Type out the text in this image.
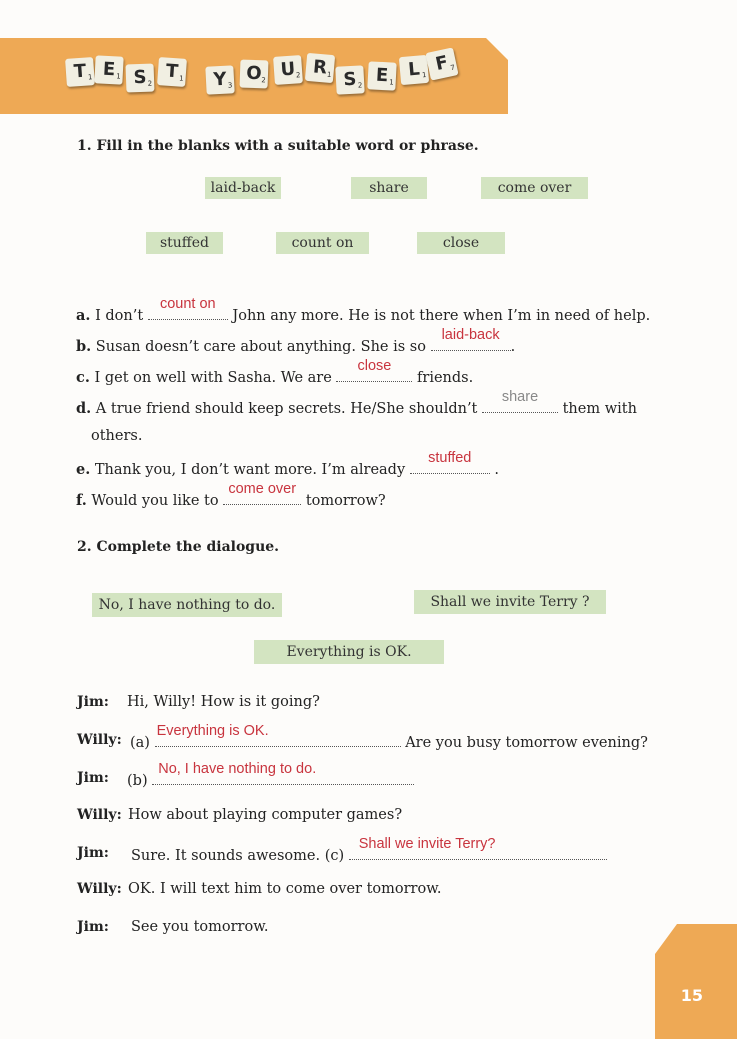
T 1 E 1 S 2
T 1	Y 3
O 2 U 2 R
1 S 2 E 1
L 1
F 7
1. Fill in the blanks with a suitable word or phrase.
laid-back	share	come over
stuffed	count on	close
a. I don’t
count on
John any more. He is not there when I’m in need of help.
b. Susan doesn’t care about anything. She is so
laid-back
.
c. I get on well with Sasha. We are
close
friends.
d. A true friend should keep secrets. He/She shouldn’t
share
them with
others.
e. Thank you, I don’t want more. I’m already
stuffed
.
f. Would you like to
come over
tomorrow?
2. Complete the dialogue.
No, I have nothing to do.	Shall we invite Terry ?
Everything is OK.
Jim: Hi, Willy! How is it going?
Willy: (a)
Everything is OK.
Are you busy tomorrow evening?
Jim: (b)
No, I have nothing to do.
Willy: How about playing computer games?
Jim: Sure. It sounds awesome. (c)
Shall we invite Terry?
Willy: OK. I will text him to come over tomorrow.
Jim: See you tomorrow.
15
